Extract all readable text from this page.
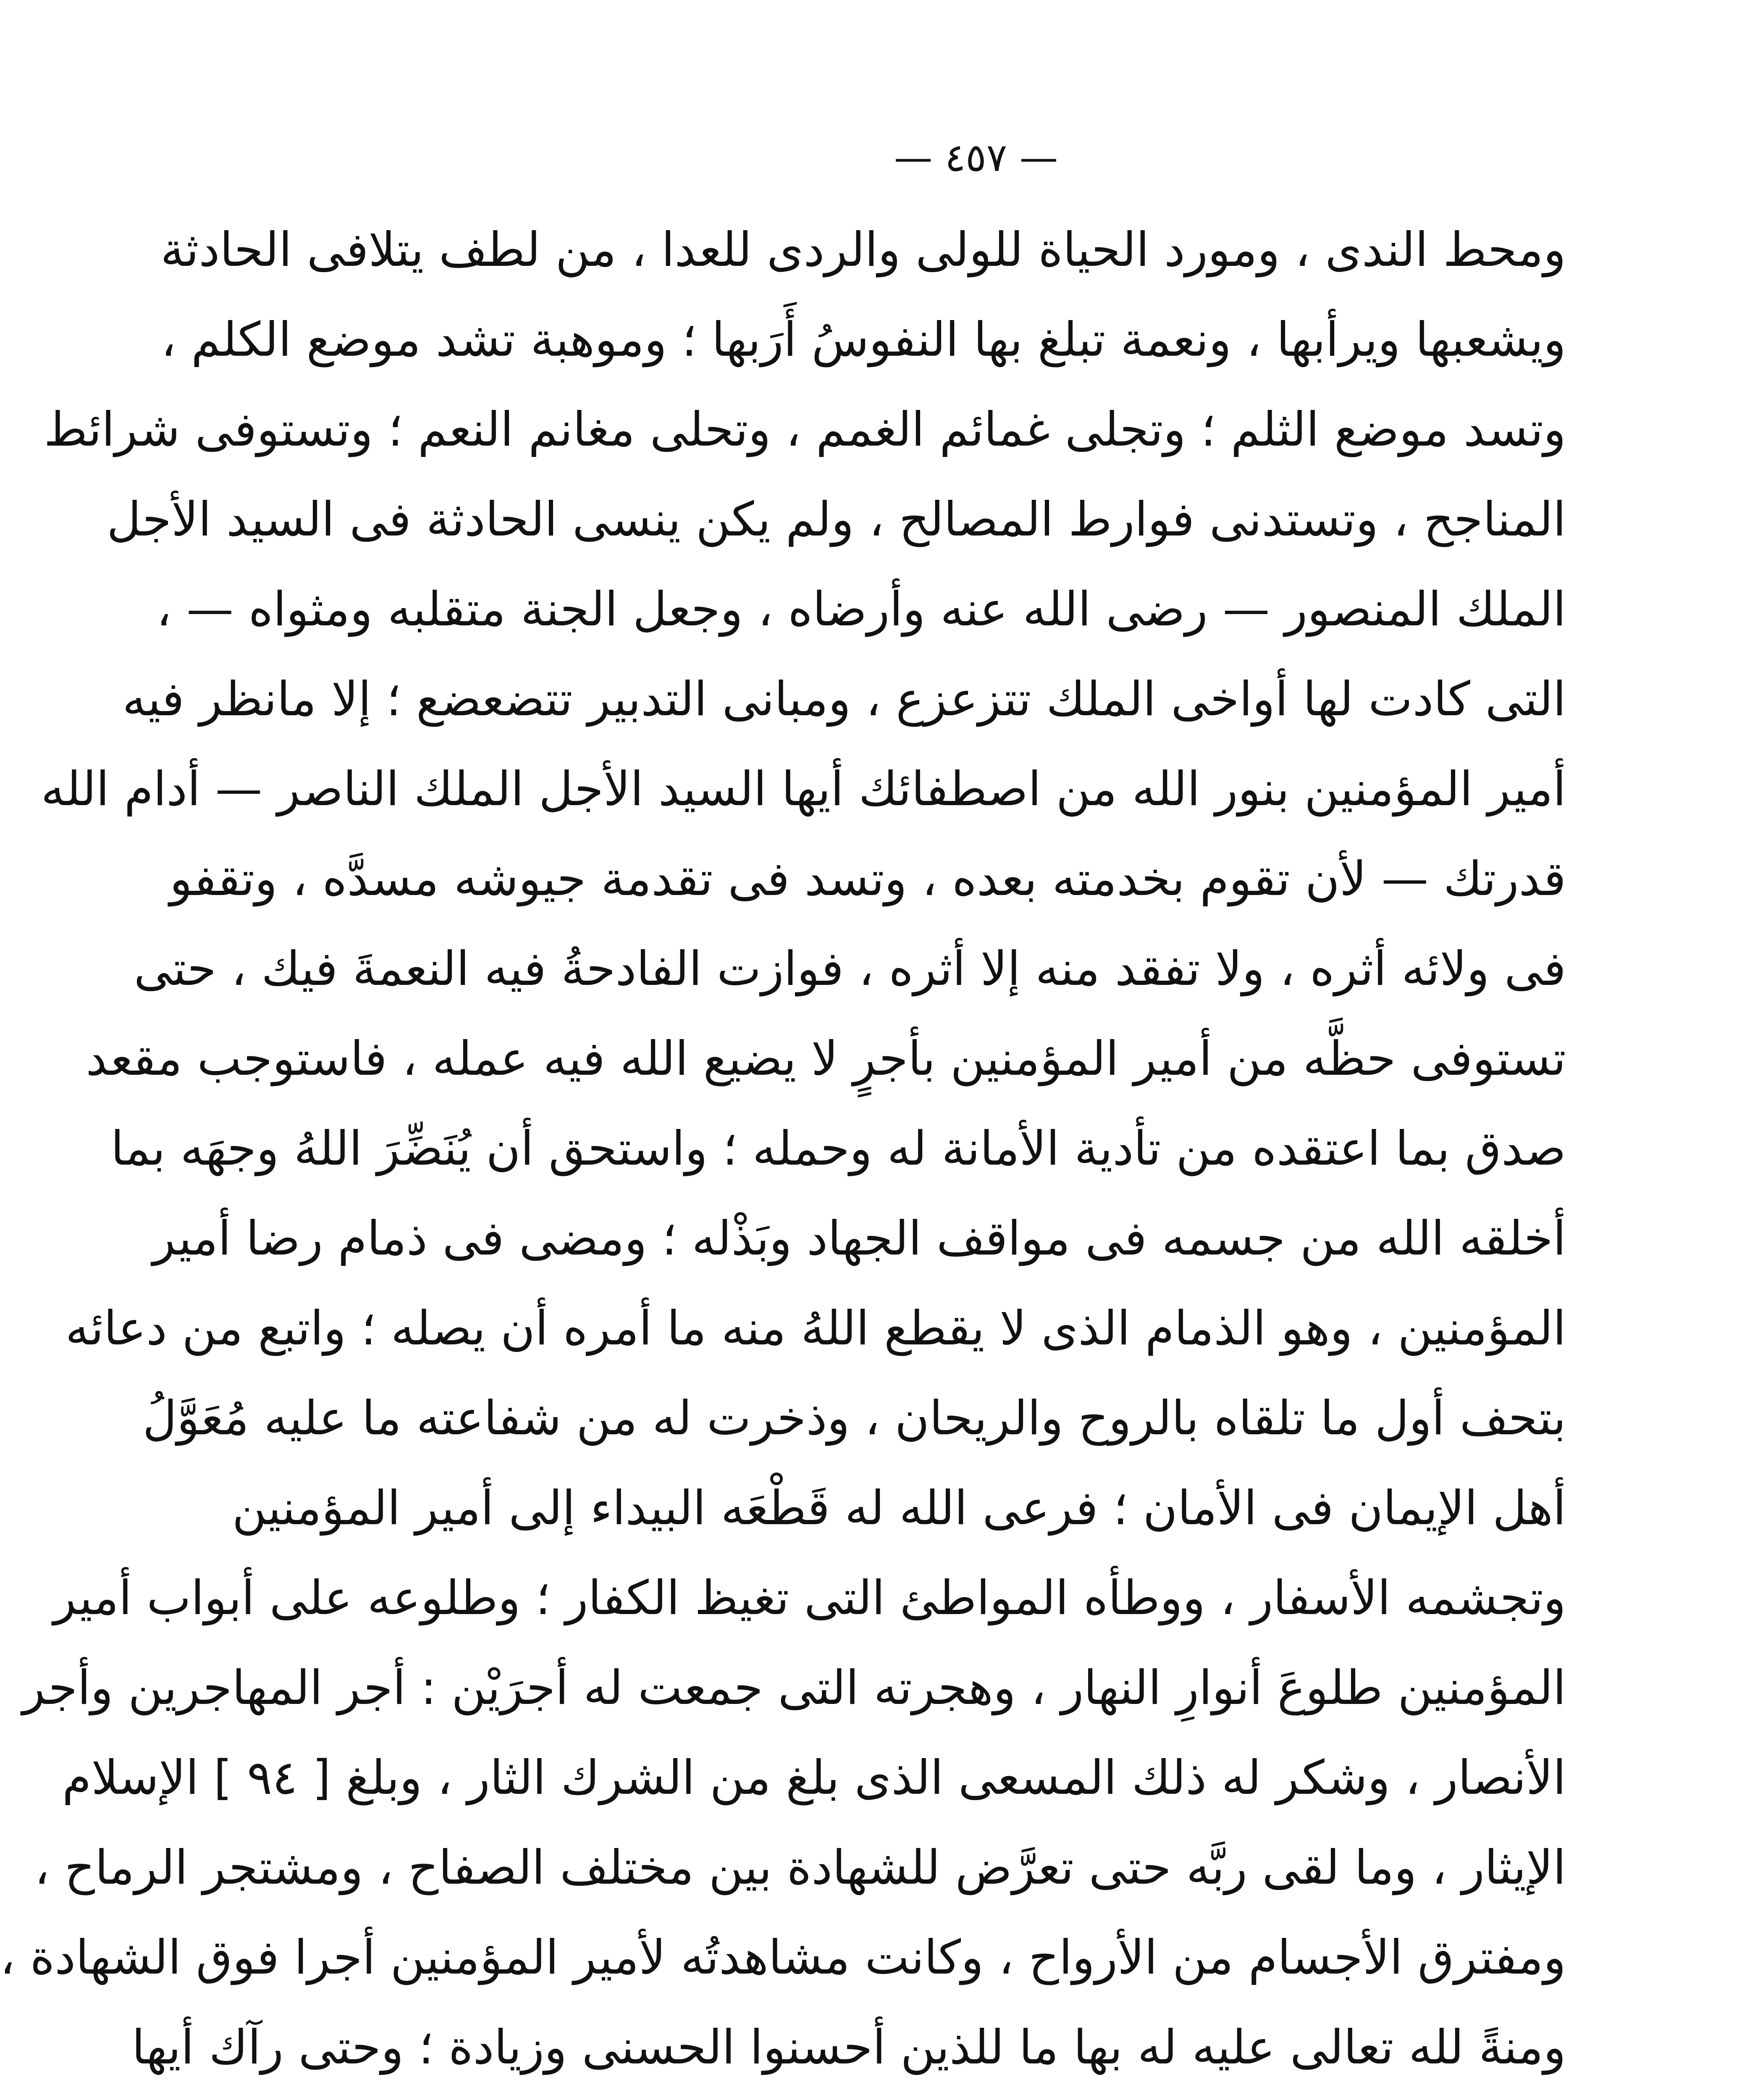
— ٤٥٧ —
ومحط الندى ، ومورد الحياة للولى والردى للعدا ، من لطف يتلافى الحادثة
ويشعبها ويرأبها ، ونعمة تبلغ بها النفوسُ أَرَبها ؛ وموهبة تشد موضع الكلم ،
وتسد موضع الثلم ؛ وتجلى غمائم الغمم ، وتحلى مغانم النعم ؛ وتستوفى شرائط
المناجح ، وتستدنى فوارط المصالح ، ولم يكن ينسى الحادثة فى السيد الأجل
الملك المنصور — رضى الله عنه وأرضاه ، وجعل الجنة متقلبه ومثواه — ،
التى كادت لها أواخى الملك تتزعزع ، ومبانى التدبير تتضعضع ؛ إلا مانظر فيه
أمير المؤمنين بنور الله من اصطفائك أيها السيد الأجل الملك الناصر — أدام الله
قدرتك — لأن تقوم بخدمته بعده ، وتسد فى تقدمة جيوشه مسدَّه ، وتقفو
فى ولائه أثره ، ولا تفقد منه إلا أثره ، فوازت الفادحةُ فيه النعمةَ فيك ، حتى
تستوفى حظَّه من أمير المؤمنين بأجرٍ لا يضيع الله فيه عمله ، فاستوجب مقعد
صدق بما اعتقده من تأدية الأمانة له وحمله ؛ واستحق أن يُنَضِّرَ اللهُ وجهَه بما
أخلقه الله من جسمه فى مواقف الجهاد وبَذْله ؛ ومضى فى ذمام رضا أمير
المؤمنين ، وهو الذمام الذى لا يقطع اللهُ منه ما أمره أن يصله ؛ واتبع من دعائه
بتحف أول ما تلقاه بالروح والريحان ، وذخرت له من شفاعته ما عليه مُعَوَّلُ
أهل الإيمان فى الأمان ؛ فرعى الله له قَطْعَه البيداء إلى أمير المؤمنين
وتجشمه الأسفار ، ووطأه المواطئ التى تغيظ الكفار ؛ وطلوعه على أبواب أمير
المؤمنين طلوعَ أنوارِ النهار ، وهجرته التى جمعت له أجرَيْن : أجر المهاجرين وأجر
الأنصار ، وشكر له ذلك المسعى الذى بلغ من الشرك الثار ، وبلغ [ ٩٤ ] الإسلام
الإيثار ، وما لقى ربَّه حتى تعرَّض للشهادة بين مختلف الصفاح ، ومشتجر الرماح ،
ومفترق الأجسام من الأرواح ، وكانت مشاهدتُه لأمير المؤمنين أجرا فوق الشهادة ،
ومنةً لله تعالى عليه له بها ما للذين أحسنوا الحسنى وزيادة ؛ وحتى رآك أيها
